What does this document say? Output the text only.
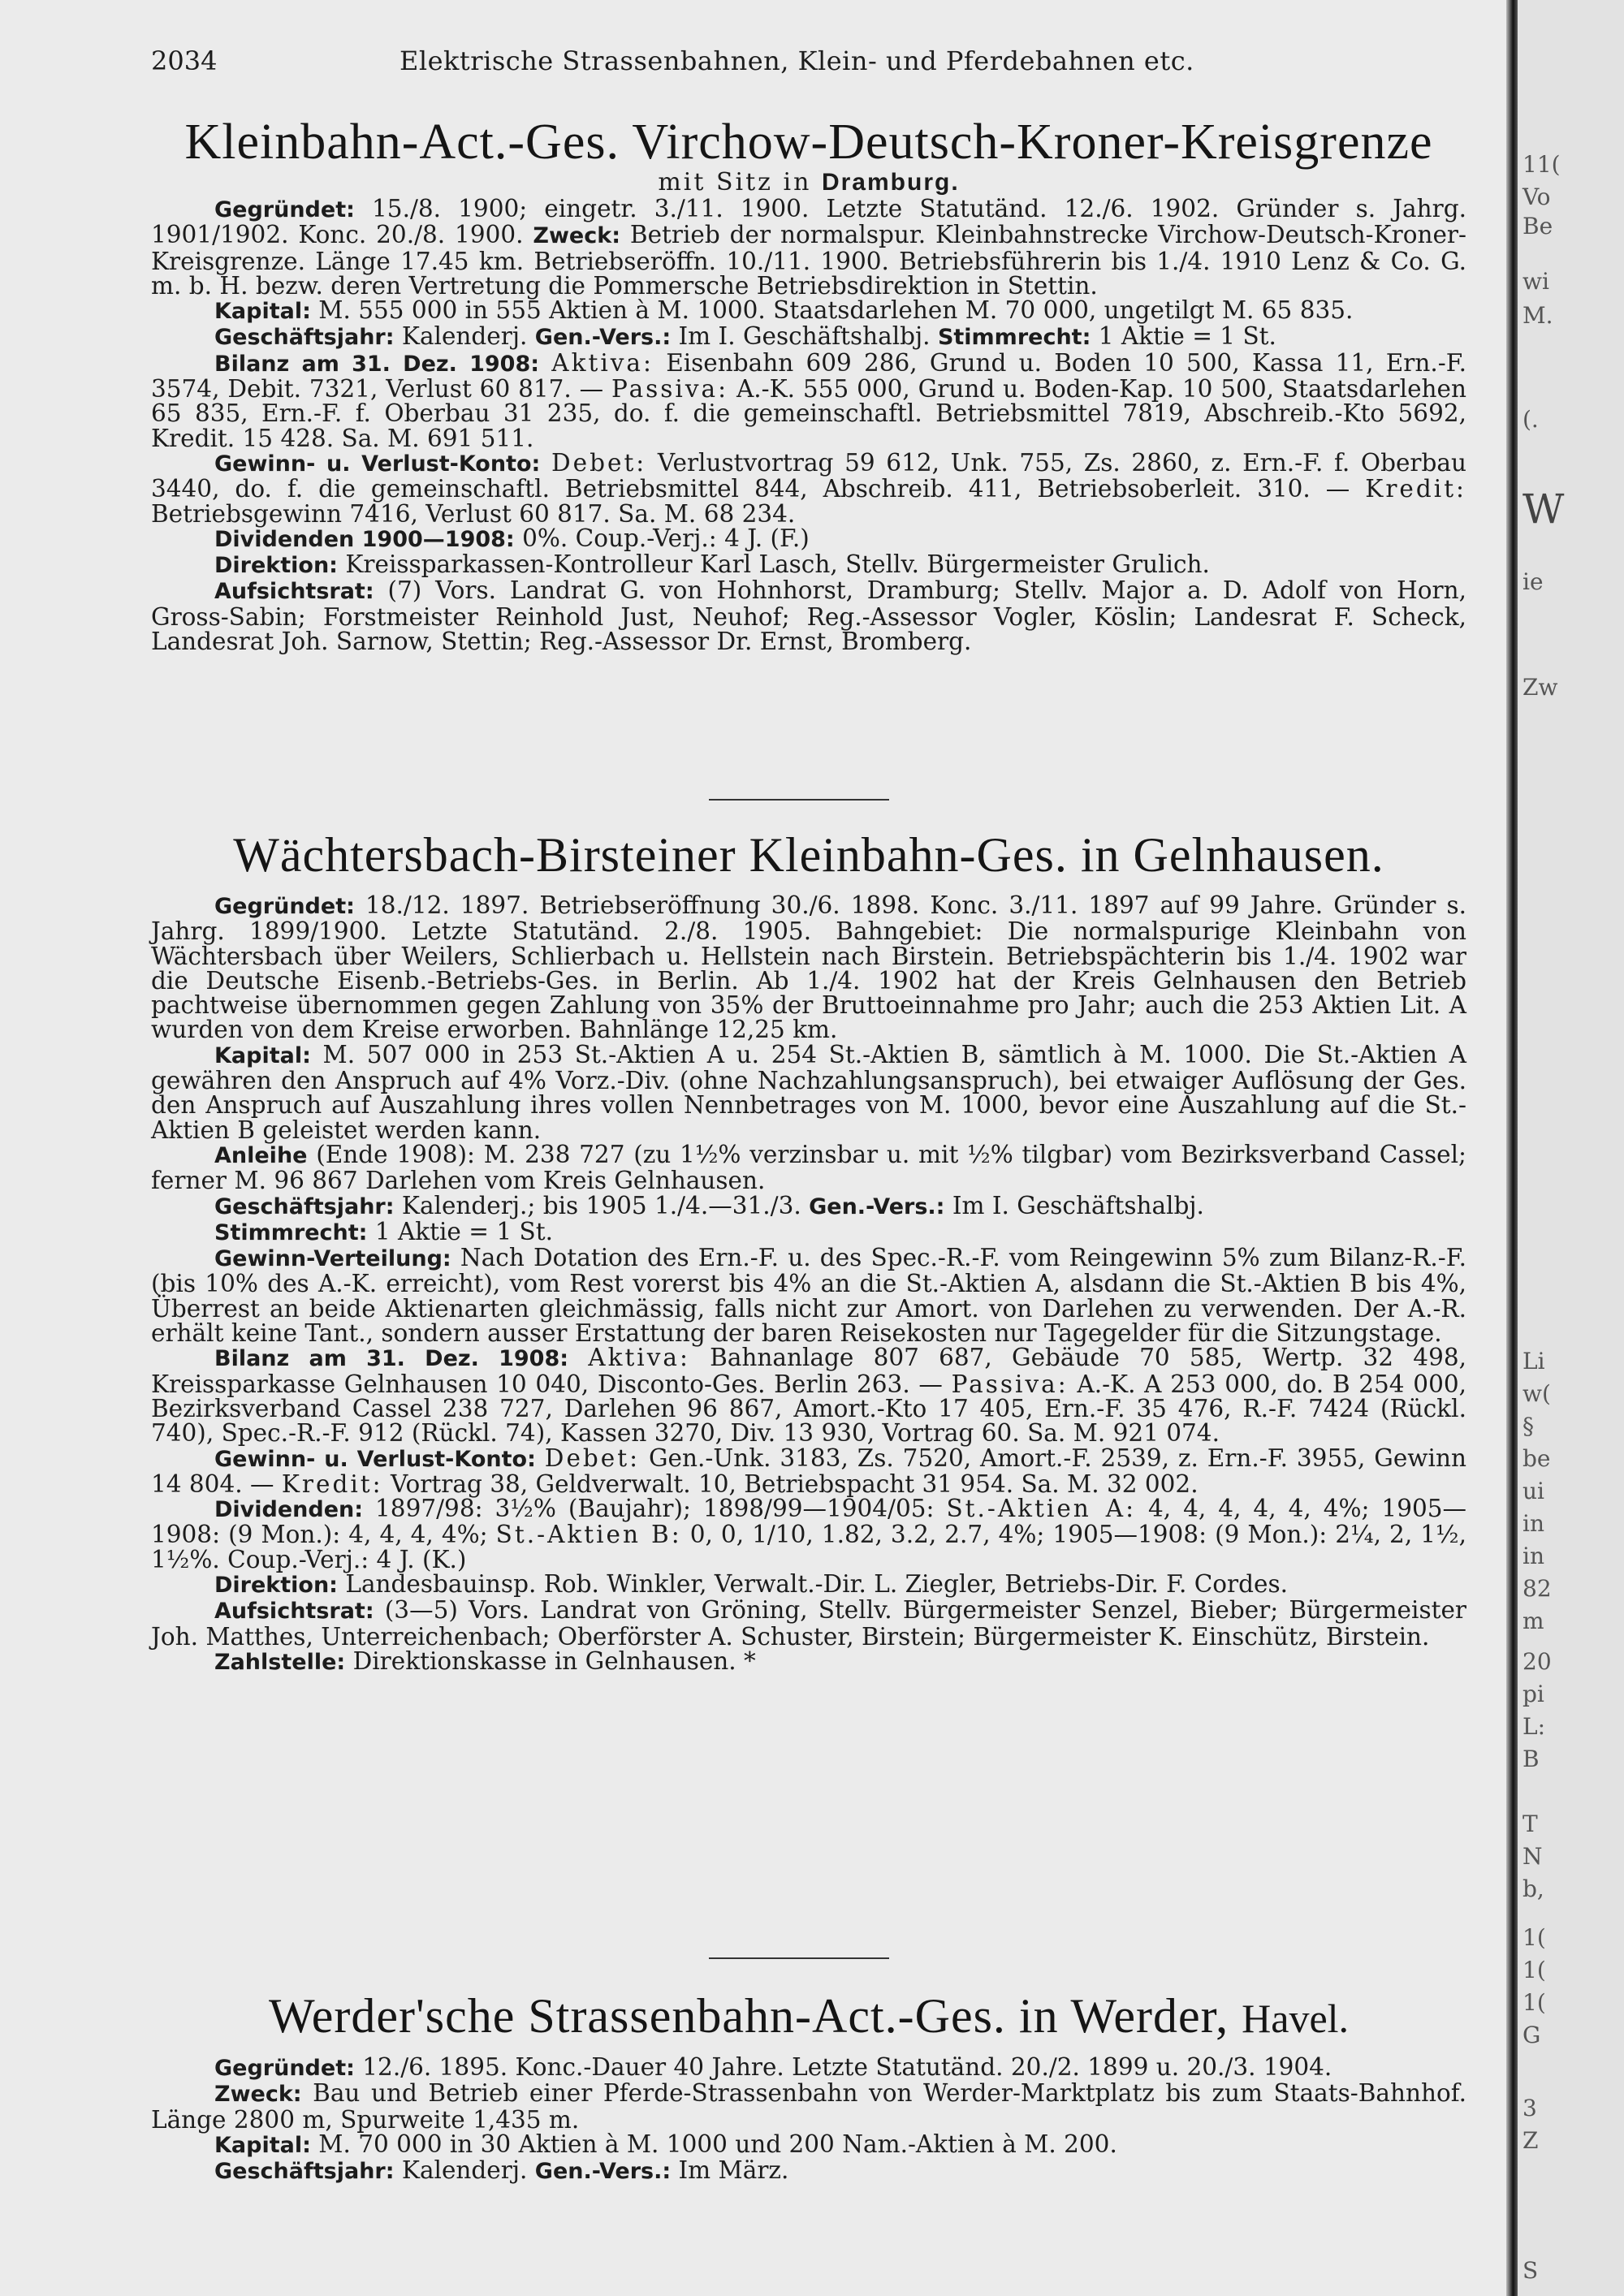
2034	Elektrische Strassenbahnen, Klein- und Pferdebahnen etc.
Kleinbahn-Act.-Ges. Virchow-Deutsch-Kroner-Kreisgrenze
mit Sitz in Dramburg.

Gegründet: 15./8. 1900; eingetr. 3./11. 1900. Letzte Statutänd. 12./6. 1902. Gründer s. Jahrg. 1901/1902. Konc. 20./8. 1900. Zweck: Betrieb der normalspur. Kleinbahnstrecke Virchow-Deutsch-Kroner-Kreisgrenze. Länge 17.45 km. Betriebseröffn. 10./11. 1900. Betriebsführerin bis 1./4. 1910 Lenz & Co. G. m. b. H. bezw. deren Vertretung die Pommersche Betriebsdirektion in Stettin.

Kapital: M. 555 000 in 555 Aktien à M. 1000. Staatsdarlehen M. 70 000, ungetilgt M. 65 835.

Geschäftsjahr: Kalenderj. Gen.-Vers.: Im I. Geschäftshalbj. Stimmrecht: 1 Aktie = 1 St.

Bilanz am 31. Dez. 1908: Aktiva: Eisenbahn 609 286, Grund u. Boden 10 500, Kassa 11, Ern.-F. 3574, Debit. 7321, Verlust 60 817. — Passiva: A.-K. 555 000, Grund u. Boden-Kap. 10 500, Staatsdarlehen 65 835, Ern.-F. f. Oberbau 31 235, do. f. die gemeinschaftl. Betriebsmittel 7819, Abschreib.-Kto 5692, Kredit. 15 428. Sa. M. 691 511.

Gewinn- u. Verlust-Konto: Debet: Verlustvortrag 59 612, Unk. 755, Zs. 2860, z. Ern.-F. f. Oberbau 3440, do. f. die gemeinschaftl. Betriebsmittel 844, Abschreib. 411, Betriebsoberleit. 310. — Kredit: Betriebsgewinn 7416, Verlust 60 817. Sa. M. 68 234.

Dividenden 1900—1908: 0%. Coup.-Verj.: 4 J. (F.)

Direktion: Kreissparkassen-Kontrolleur Karl Lasch, Stellv. Bürgermeister Grulich.

Aufsichtsrat: (7) Vors. Landrat G. von Hohnhorst, Dramburg; Stellv. Major a. D. Adolf von Horn, Gross-Sabin; Forstmeister Reinhold Just, Neuhof; Reg.-Assessor Vogler, Köslin; Landesrat F. Scheck, Landesrat Joh. Sarnow, Stettin; Reg.-Assessor Dr. Ernst, Bromberg.

Wächtersbach-Birsteiner Kleinbahn-Ges. in Gelnhausen.

Gegründet: 18./12. 1897. Betriebseröffnung 30./6. 1898. Konc. 3./11. 1897 auf 99 Jahre. Gründer s. Jahrg. 1899/1900. Letzte Statutänd. 2./8. 1905. Bahngebiet: Die normalspurige Kleinbahn von Wächtersbach über Weilers, Schlierbach u. Hellstein nach Birstein. Betriebspächterin bis 1./4. 1902 war die Deutsche Eisenb.-Betriebs-Ges. in Berlin. Ab 1./4. 1902 hat der Kreis Gelnhausen den Betrieb pachtweise übernommen gegen Zahlung von 35% der Bruttoeinnahme pro Jahr; auch die 253 Aktien Lit. A wurden von dem Kreise erworben. Bahnlänge 12,25 km.

Kapital: M. 507 000 in 253 St.-Aktien A u. 254 St.-Aktien B, sämtlich à M. 1000. Die St.-Aktien A gewähren den Anspruch auf 4% Vorz.-Div. (ohne Nachzahlungsanspruch), bei etwaiger Auflösung der Ges. den Anspruch auf Auszahlung ihres vollen Nennbetrages von M. 1000, bevor eine Auszahlung auf die St.-Aktien B geleistet werden kann.

Anleihe (Ende 1908): M. 238 727 (zu 1½% verzinsbar u. mit ½% tilgbar) vom Bezirksverband Cassel; ferner M. 96 867 Darlehen vom Kreis Gelnhausen.

Geschäftsjahr: Kalenderj.; bis 1905 1./4.—31./3. Gen.-Vers.: Im I. Geschäftshalbj.

Stimmrecht: 1 Aktie = 1 St.

Gewinn-Verteilung: Nach Dotation des Ern.-F. u. des Spec.-R.-F. vom Reingewinn 5% zum Bilanz-R.-F. (bis 10% des A.-K. erreicht), vom Rest vorerst bis 4% an die St.-Aktien A, alsdann die St.-Aktien B bis 4%, Überrest an beide Aktienarten gleichmässig, falls nicht zur Amort. von Darlehen zu verwenden. Der A.-R. erhält keine Tant., sondern ausser Erstattung der baren Reisekosten nur Tagegelder für die Sitzungstage.

Bilanz am 31. Dez. 1908: Aktiva: Bahnanlage 807 687, Gebäude 70 585, Wertp. 32 498, Kreissparkasse Gelnhausen 10 040, Disconto-Ges. Berlin 263. — Passiva: A.-K. A 253 000, do. B 254 000, Bezirksverband Cassel 238 727, Darlehen 96 867, Amort.-Kto 17 405, Ern.-F. 35 476, R.-F. 7424 (Rückl. 740), Spec.-R.-F. 912 (Rückl. 74), Kassen 3270, Div. 13 930, Vortrag 60. Sa. M. 921 074.

Gewinn- u. Verlust-Konto: Debet: Gen.-Unk. 3183, Zs. 7520, Amort.-F. 2539, z. Ern.-F. 3955, Gewinn 14 804. — Kredit: Vortrag 38, Geldverwalt. 10, Betriebspacht 31 954. Sa. M. 32 002.

Dividenden: 1897/98: 3½% (Baujahr); 1898/99—1904/05: St.-Aktien A: 4, 4, 4, 4, 4, 4%; 1905—1908: (9 Mon.): 4, 4, 4, 4%; St.-Aktien B: 0, 0, 1/10, 1.82, 3.2, 2.7, 4%; 1905—1908: (9 Mon.): 2¼, 2, 1½, 1½%. Coup.-Verj.: 4 J. (K.)

Direktion: Landesbauinsp. Rob. Winkler, Verwalt.-Dir. L. Ziegler, Betriebs-Dir. F. Cordes.

Aufsichtsrat: (3—5) Vors. Landrat von Gröning, Stellv. Bürgermeister Senzel, Bieber; Bürgermeister Joh. Matthes, Unterreichenbach; Oberförster A. Schuster, Birstein; Bürgermeister K. Einschütz, Birstein.

Zahlstelle: Direktionskasse in Gelnhausen. *

Werder'sche Strassenbahn-Act.-Ges. in Werder, Havel.

Gegründet: 12./6. 1895. Konc.-Dauer 40 Jahre. Letzte Statutänd. 20./2. 1899 u. 20./3. 1904.

Zweck: Bau und Betrieb einer Pferde-Strassenbahn von Werder-Marktplatz bis zum Staats-Bahnhof. Länge 2800 m, Spurweite 1,435 m.

Kapital: M. 70 000 in 30 Aktien à M. 1000 und 200 Nam.-Aktien à M. 200.

Geschäftsjahr: Kalenderj. Gen.-Vers.: Im März.

11(
Vo
Be
wi
M.
(.
W
ie
Zw
Li
w(
§
be
ui
in
in
82
m
20
pi
L:
B
T
N
b,
1(
1(
1(
G
3
Z
S
